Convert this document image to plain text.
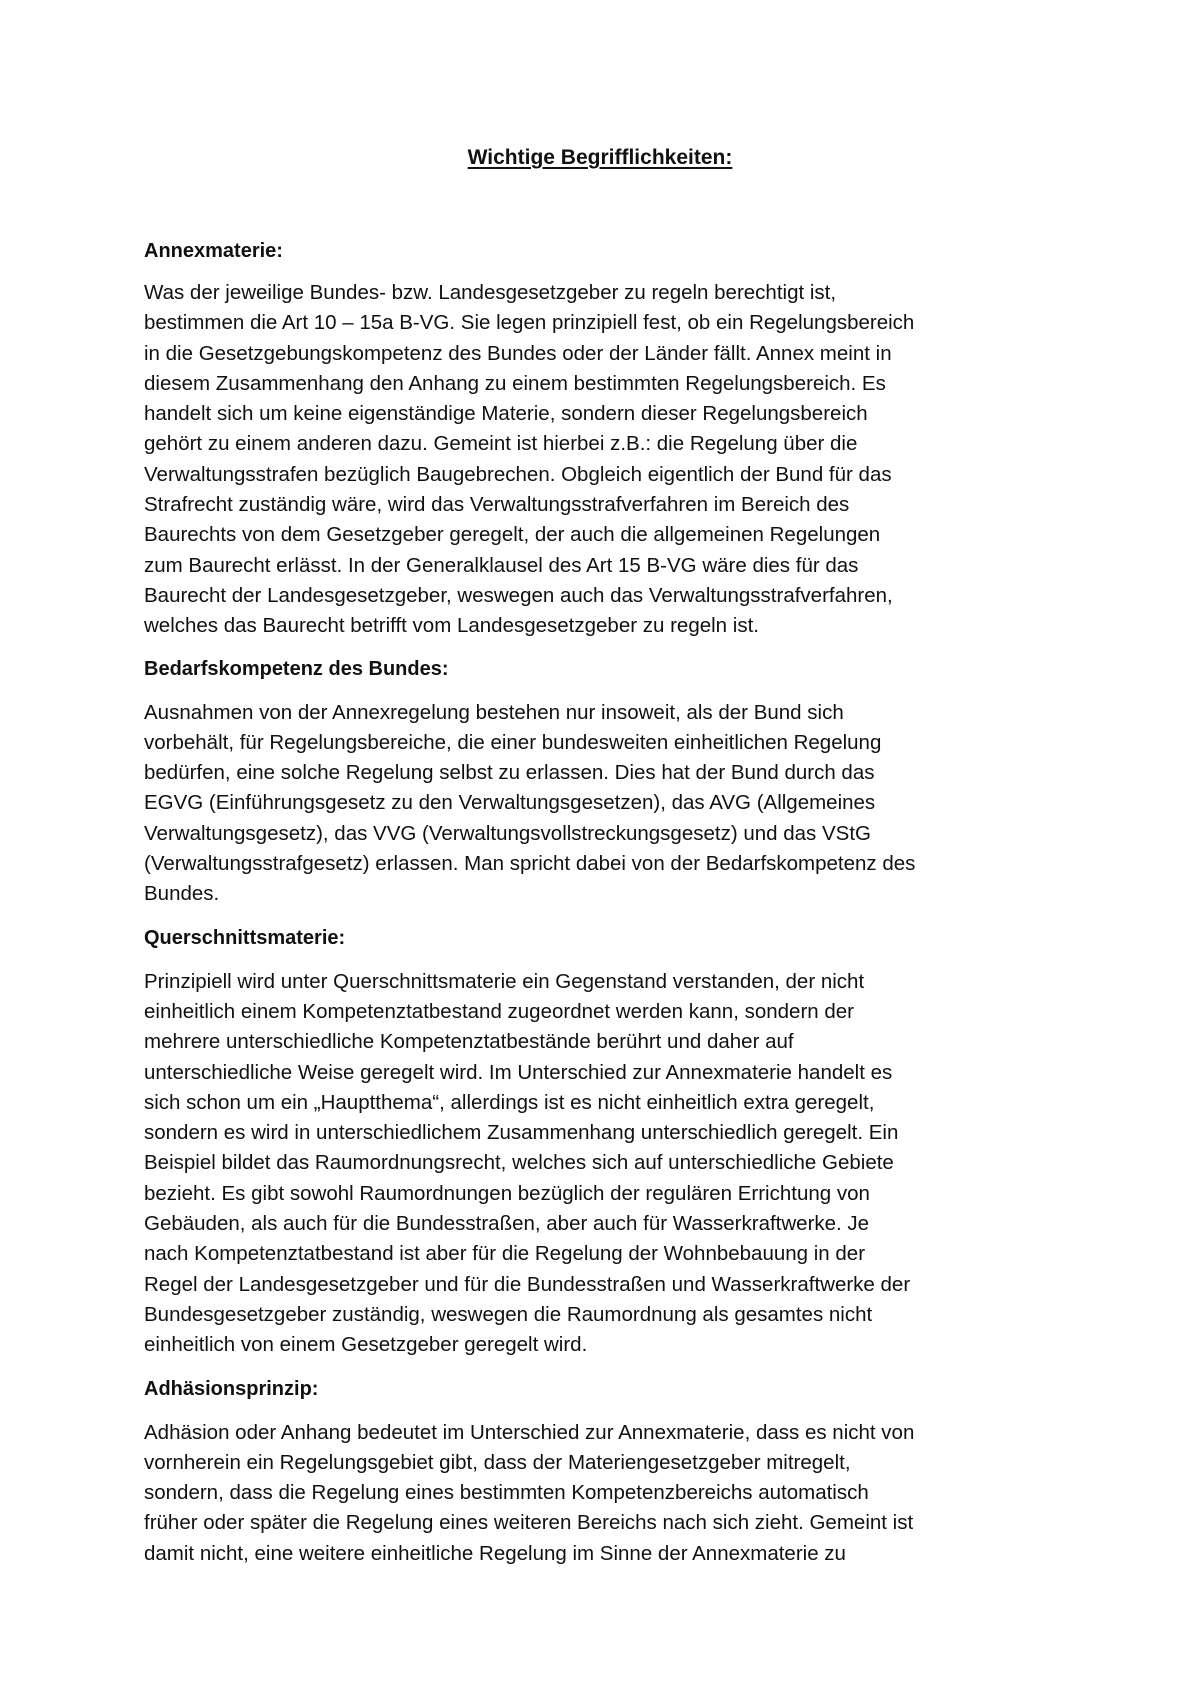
Wichtige Begrifflichkeiten:
Annexmaterie:

Was der jeweilige Bundes- bzw. Landesgesetzgeber zu regeln berechtigt ist,
bestimmen die Art 10 – 15a B-VG. Sie legen prinzipiell fest, ob ein Regelungsbereich
in die Gesetzgebungskompetenz des Bundes oder der Länder fällt. Annex meint in
diesem Zusammenhang den Anhang zu einem bestimmten Regelungsbereich. Es
handelt sich um keine eigenständige Materie, sondern dieser Regelungsbereich
gehört zu einem anderen dazu. Gemeint ist hierbei z.B.: die Regelung über die
Verwaltungsstrafen bezüglich Baugebrechen. Obgleich eigentlich der Bund für das
Strafrecht zuständig wäre, wird das Verwaltungsstrafverfahren im Bereich des
Baurechts von dem Gesetzgeber geregelt, der auch die allgemeinen Regelungen
zum Baurecht erlässt. In der Generalklausel des Art 15 B-VG wäre dies für das
Baurecht der Landesgesetzgeber, weswegen auch das Verwaltungsstrafverfahren,
welches das Baurecht betrifft vom Landesgesetzgeber zu regeln ist.

Bedarfskompetenz des Bundes:

Ausnahmen von der Annexregelung bestehen nur insoweit, als der Bund sich
vorbehält, für Regelungsbereiche, die einer bundesweiten einheitlichen Regelung
bedürfen, eine solche Regelung selbst zu erlassen. Dies hat der Bund durch das
EGVG (Einführungsgesetz zu den Verwaltungsgesetzen), das AVG (Allgemeines
Verwaltungsgesetz), das VVG (Verwaltungsvollstreckungsgesetz) und das VStG
(Verwaltungsstrafgesetz) erlassen. Man spricht dabei von der Bedarfskompetenz des
Bundes.

Querschnittsmaterie:

Prinzipiell wird unter Querschnittsmaterie ein Gegenstand verstanden, der nicht
einheitlich einem Kompetenztatbestand zugeordnet werden kann, sondern der
mehrere unterschiedliche Kompetenztatbestände berührt und daher auf
unterschiedliche Weise geregelt wird. Im Unterschied zur Annexmaterie handelt es
sich schon um ein „Hauptthema“, allerdings ist es nicht einheitlich extra geregelt,
sondern es wird in unterschiedlichem Zusammenhang unterschiedlich geregelt. Ein
Beispiel bildet das Raumordnungsrecht, welches sich auf unterschiedliche Gebiete
bezieht. Es gibt sowohl Raumordnungen bezüglich der regulären Errichtung von
Gebäuden, als auch für die Bundesstraßen, aber auch für Wasserkraftwerke. Je
nach Kompetenztatbestand ist aber für die Regelung der Wohnbebauung in der
Regel der Landesgesetzgeber und für die Bundesstraßen und Wasserkraftwerke der
Bundesgesetzgeber zuständig, weswegen die Raumordnung als gesamtes nicht
einheitlich von einem Gesetzgeber geregelt wird.

Adhäsionsprinzip:

Adhäsion oder Anhang bedeutet im Unterschied zur Annexmaterie, dass es nicht von
vornherein ein Regelungsgebiet gibt, dass der Materiengesetzgeber mitregelt,
sondern, dass die Regelung eines bestimmten Kompetenzbereichs automatisch
früher oder später die Regelung eines weiteren Bereichs nach sich zieht. Gemeint ist
damit nicht, eine weitere einheitliche Regelung im Sinne der Annexmaterie zu
